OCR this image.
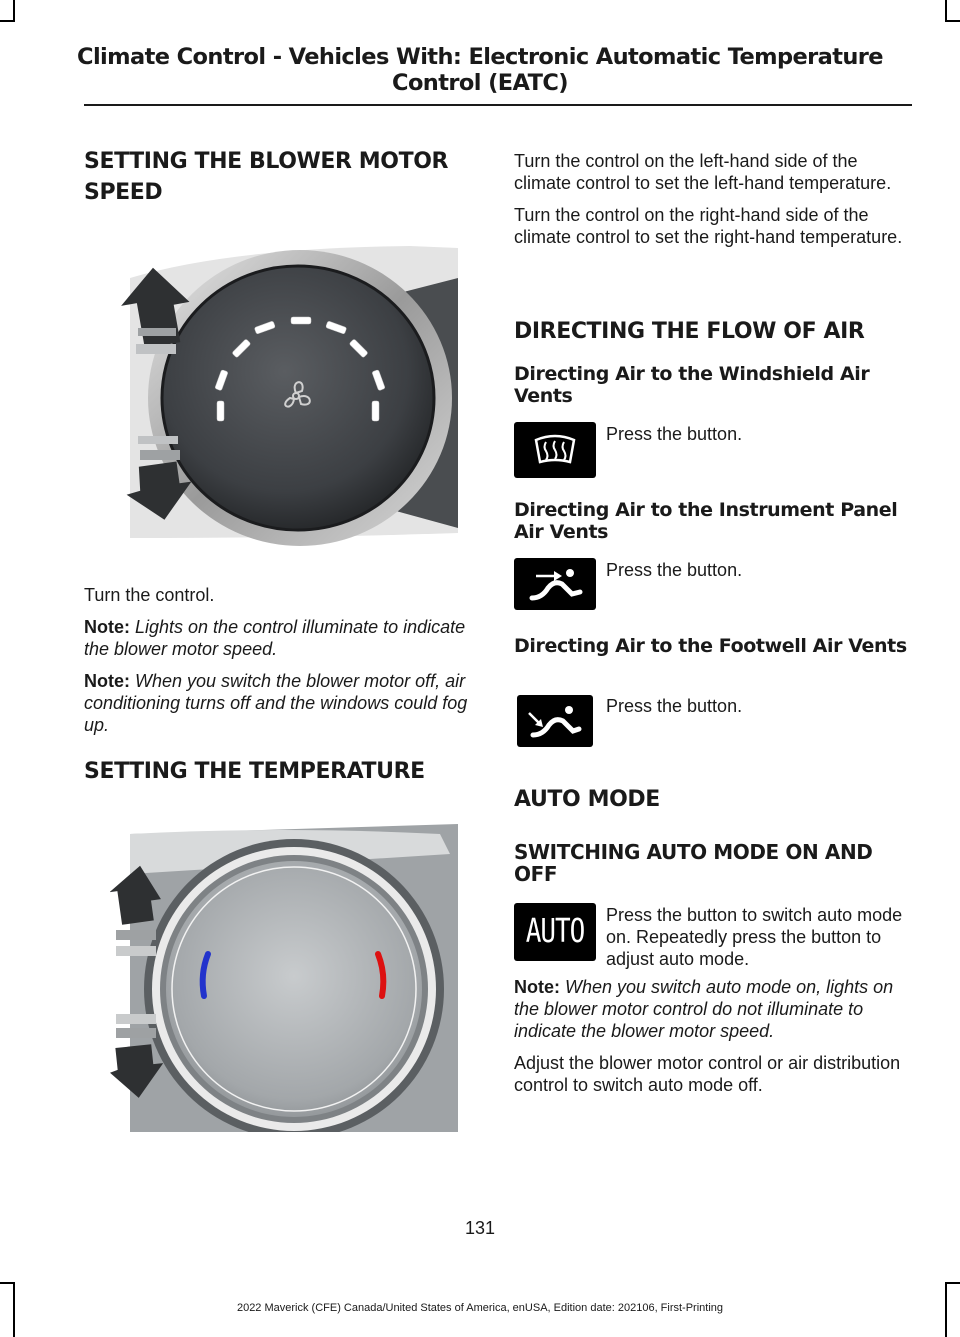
Climate Control - Vehicles With: Electronic Automatic Temperature
Control (EATC)
SETTING THE BLOWER MOTOR
SPEED

Turn the control.

Note: Lights on the control illuminate to indicate the blower motor speed.

Note: When you switch the blower motor off, air conditioning turns off and the windows could fog up.

SETTING THE TEMPERATURE

Turn the control on the left-hand side of the climate control to set the left-hand temperature.

Turn the control on the right-hand side of the climate control to set the right-hand temperature.

DIRECTING THE FLOW OF AIR
Directing Air to the Windshield Air Vents

Press the button.

Directing Air to the Instrument Panel Air Vents

Press the button.

Directing Air to the Footwell Air Vents

Press the button.

AUTO MODE
SWITCHING AUTO MODE ON AND OFF
AUTO	Press the button to switch auto mode on. Repeatedly press the button to adjust auto mode.

Note: When you switch auto mode on, lights on the blower motor control do not illuminate to indicate the blower motor speed.

Adjust the blower motor control or air distribution control to switch auto mode off.

131
2022 Maverick (CFE) Canada/United States of America, enUSA, Edition date: 202106, First-Printing
